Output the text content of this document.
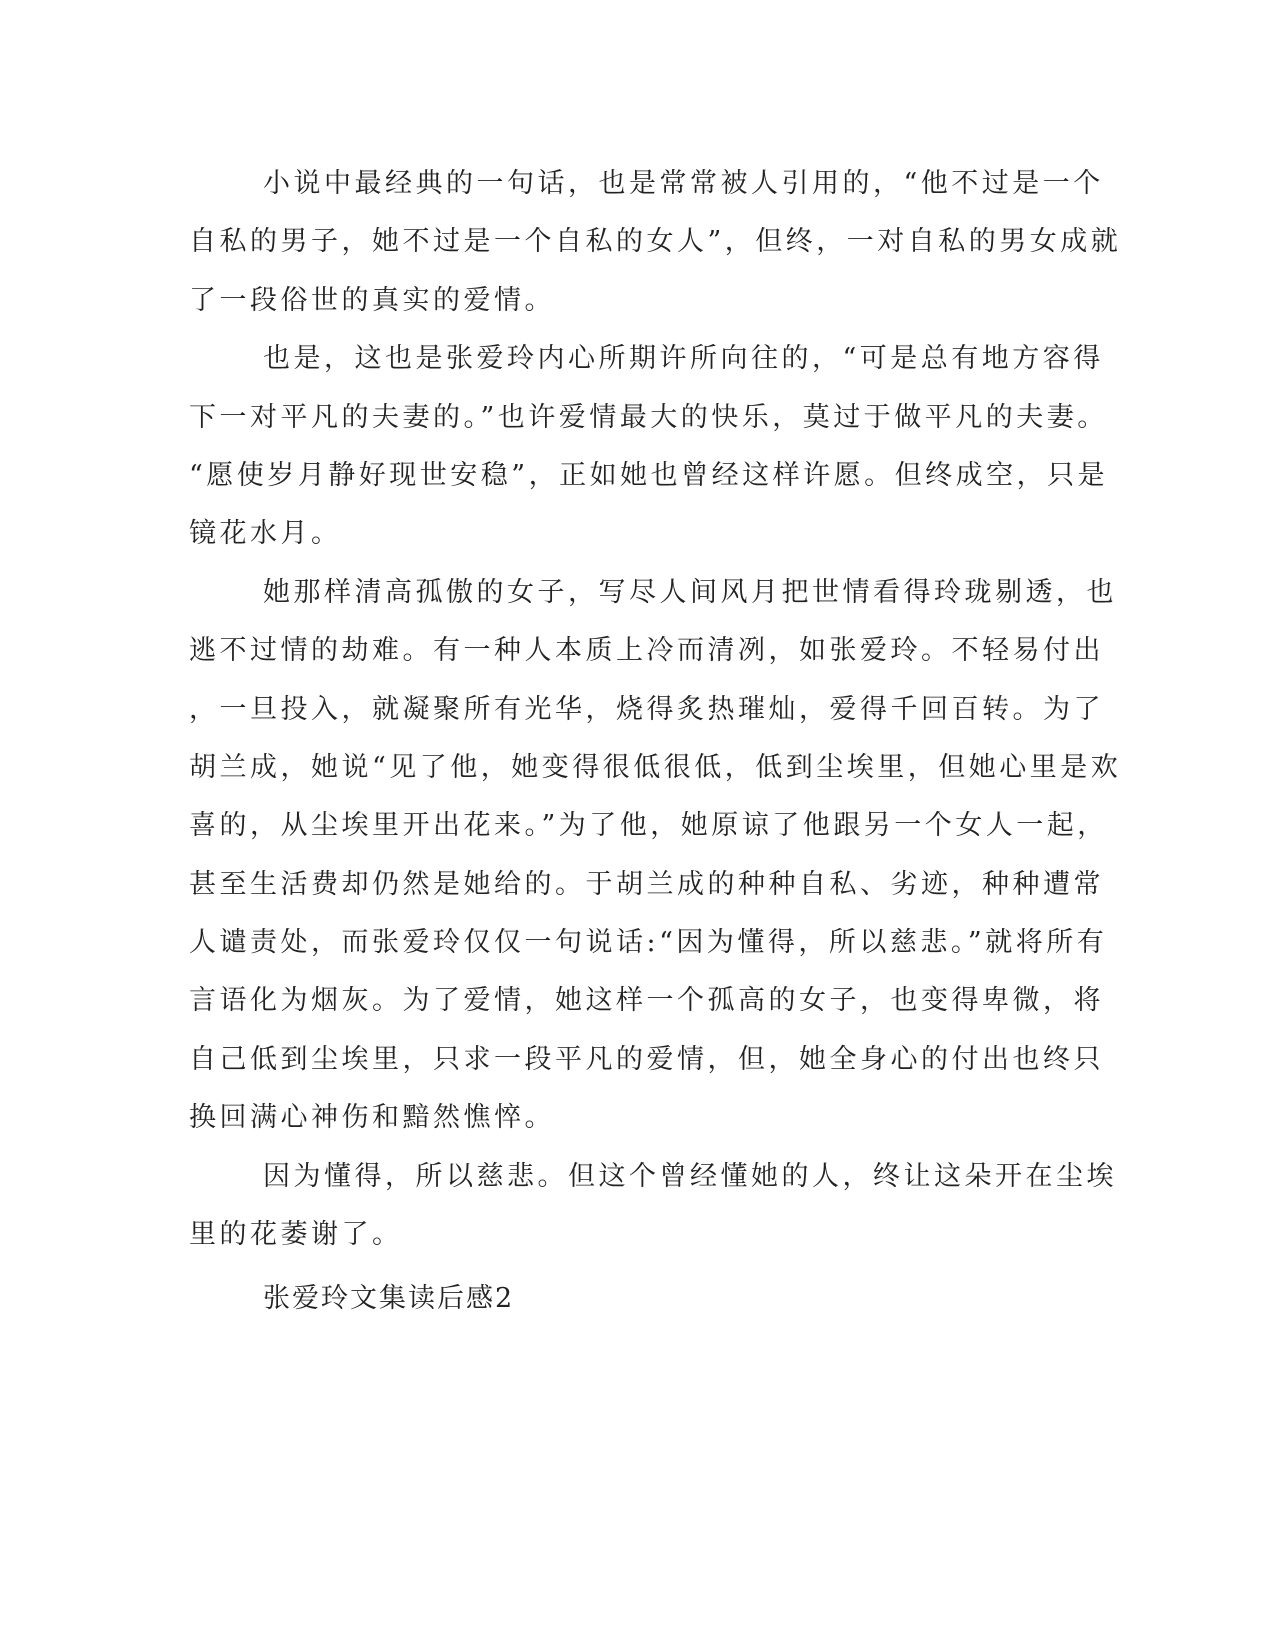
小说中最经典的一句话，也是常常被人引用的，“他不过是一个
自私的男子，她不过是一个自私的女人”，但终，一对自私的男女成就
了一段俗世的真实的爱情。
也是，这也是张爱玲内心所期许所向往的，“可是总有地方容得
下一对平凡的夫妻的。”也许爱情最大的快乐，莫过于做平凡的夫妻。
“愿使岁月静好现世安稳”，正如她也曾经这样许愿。但终成空，只是
镜花水月。
她那样清高孤傲的女子，写尽人间风月把世情看得玲珑剔透，也
逃不过情的劫难。有一种人本质上冷而清冽，如张爱玲。不轻易付出
，一旦投入，就凝聚所有光华，烧得炙热璀灿，爱得千回百转。为了
胡兰成，她说“见了他，她变得很低很低，低到尘埃里，但她心里是欢
喜的，从尘埃里开出花来。”为了他，她原谅了他跟另一个女人一起，
甚至生活费却仍然是她给的。于胡兰成的种种自私、劣迹，种种遭常
人谴责处，而张爱玲仅仅一句说话:“因为懂得，所以慈悲。”就将所有
言语化为烟灰。为了爱情，她这样一个孤高的女子，也变得卑微，将
自己低到尘埃里，只求一段平凡的爱情，但，她全身心的付出也终只
换回满心神伤和黯然憔悴。
因为懂得，所以慈悲。但这个曾经懂她的人，终让这朵开在尘埃
里的花萎谢了。
张爱玲文集读后感2
